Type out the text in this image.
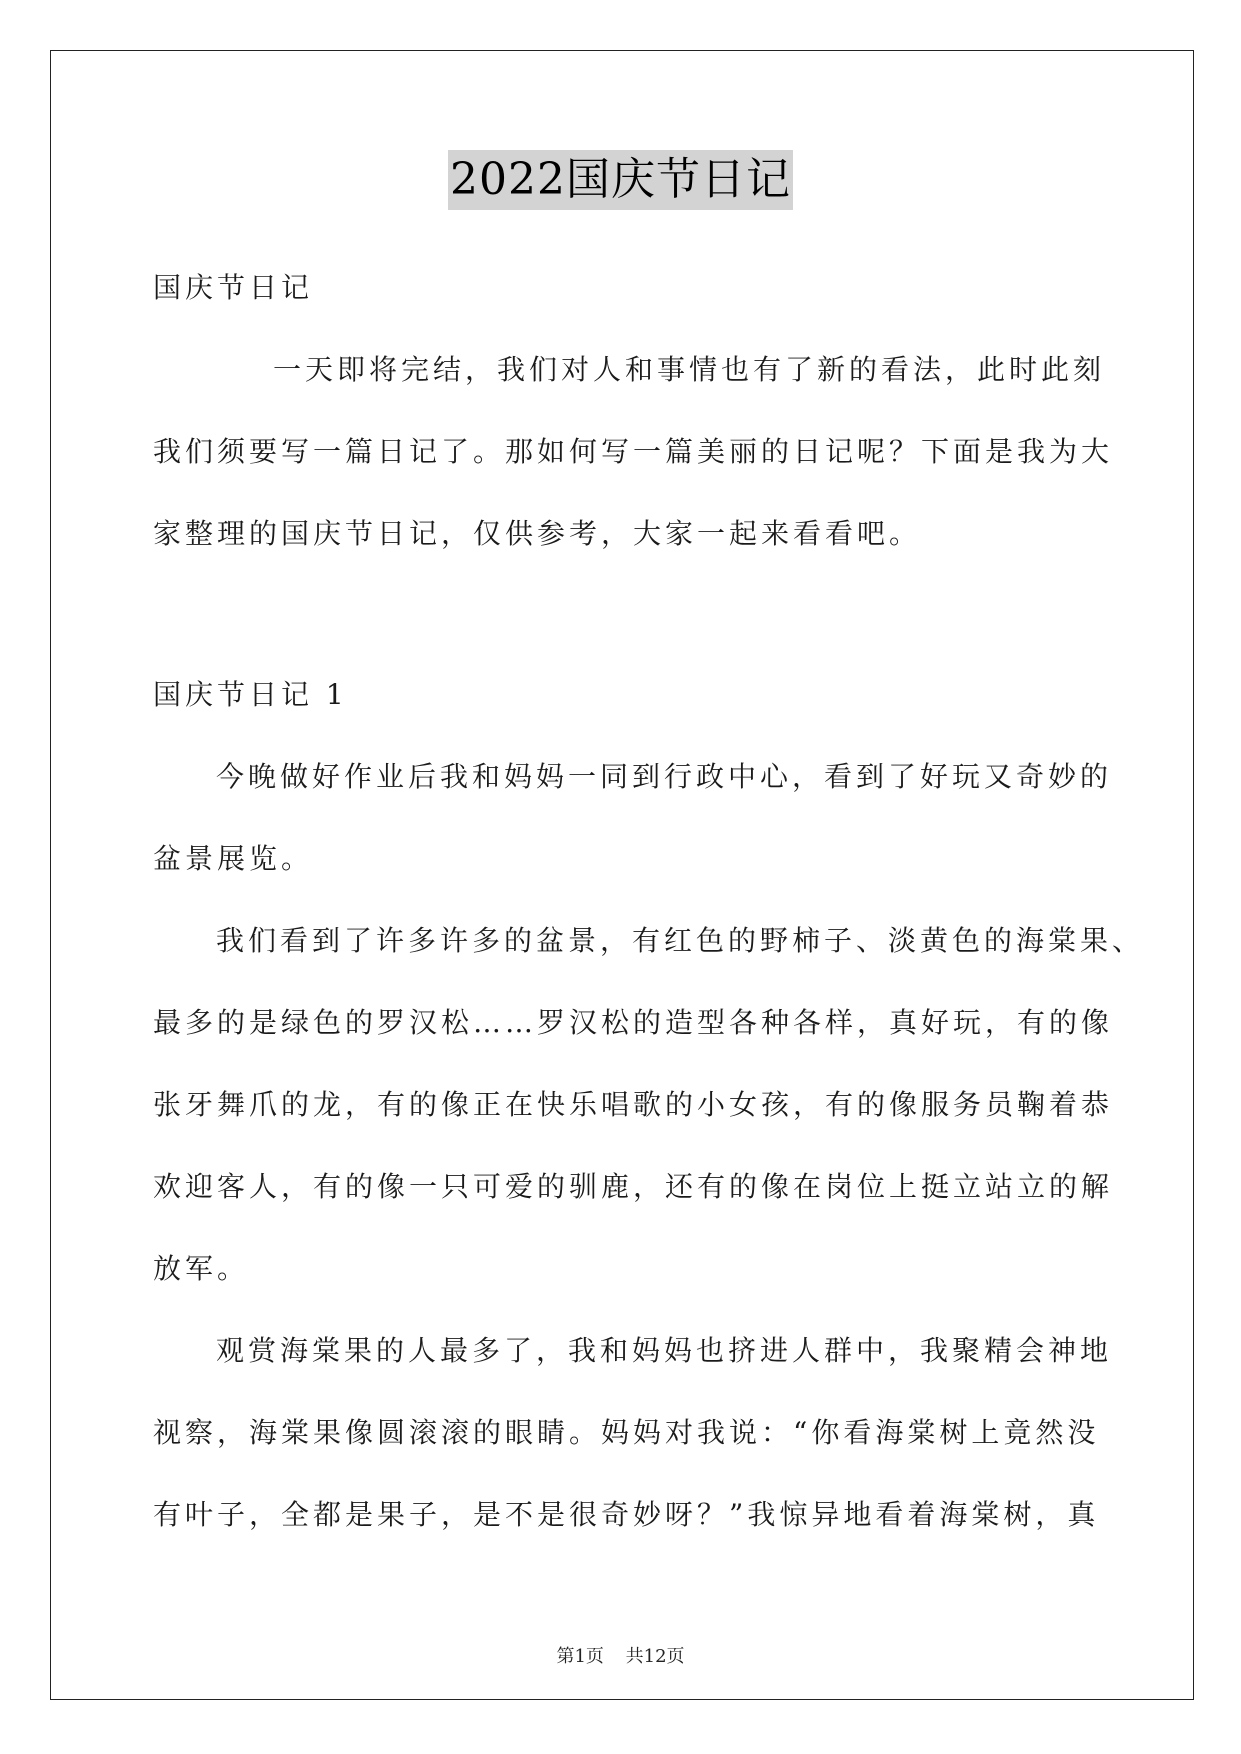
2022国庆节日记
国庆节日记
一天即将完结，我们对人和事情也有了新的看法，此时此刻
我们须要写一篇日记了。那如何写一篇美丽的日记呢？下面是我为大
家整理的国庆节日记，仅供参考，大家一起来看看吧。
国庆节日记 1
今晚做好作业后我和妈妈一同到行政中心，看到了好玩又奇妙的
盆景展览。
我们看到了许多许多的盆景，有红色的野柿子、淡黄色的海棠果、
最多的是绿色的罗汉松……罗汉松的造型各种各样，真好玩，有的像
张牙舞爪的龙，有的像正在快乐唱歌的小女孩，有的像服务员鞠着恭
欢迎客人，有的像一只可爱的驯鹿，还有的像在岗位上挺立站立的解
放军。
观赏海棠果的人最多了，我和妈妈也挤进人群中，我聚精会神地
视察，海棠果像圆滚滚的眼睛。妈妈对我说：“你看海棠树上竟然没
有叶子，全都是果子，是不是很奇妙呀？”我惊异地看着海棠树，真
第1页 共12页
